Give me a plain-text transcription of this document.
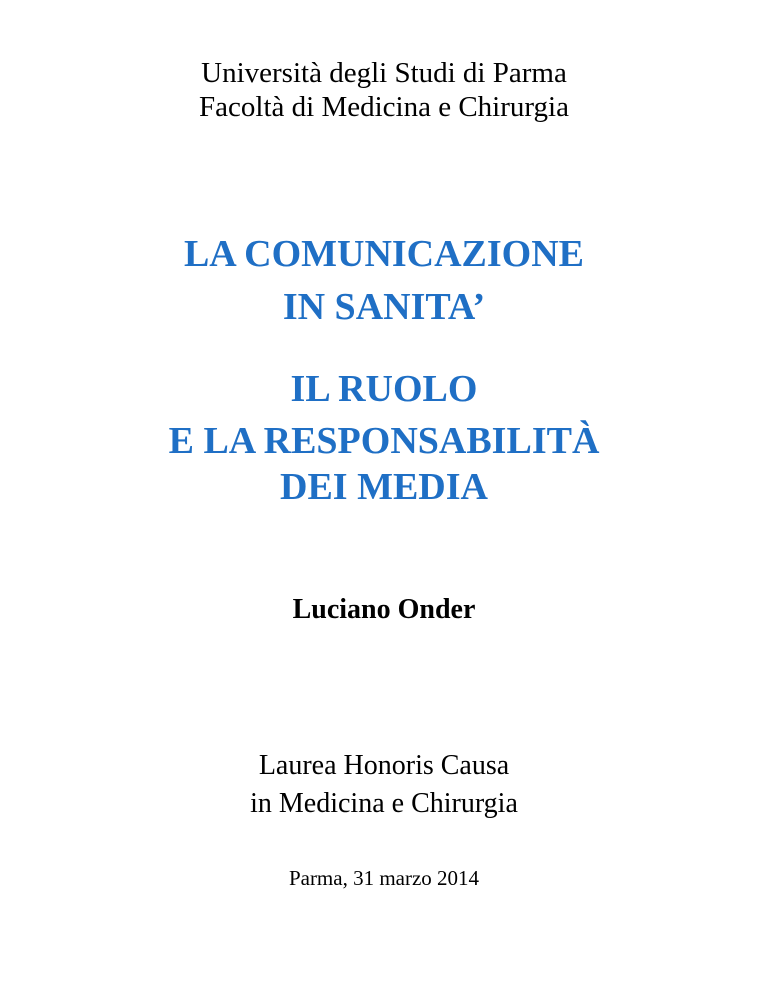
Università degli Studi di Parma
Facoltà di Medicina e Chirurgia
LA COMUNICAZIONE
IN SANITA’
IL RUOLO
E LA RESPONSABILITÀ
DEI MEDIA
Luciano Onder
Laurea Honoris Causa
in Medicina e Chirurgia
Parma, 31 marzo 2014
